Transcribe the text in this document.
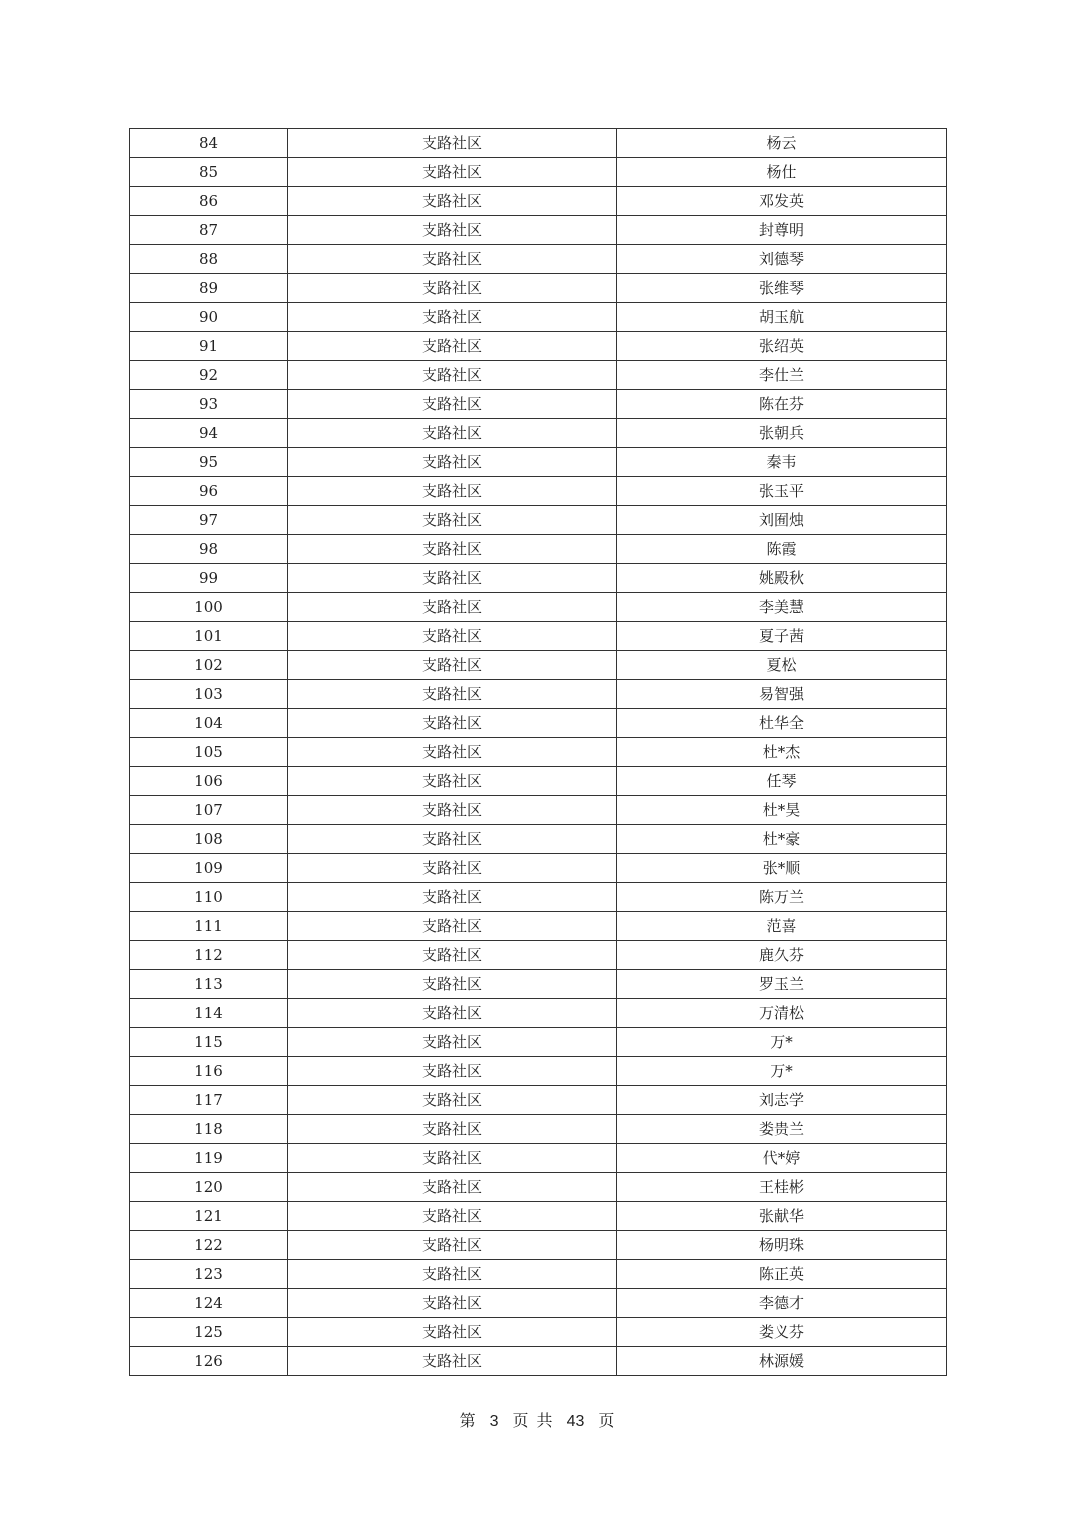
84	支路社区	杨云
85	支路社区	杨仕
86	支路社区	邓发英
87	支路社区	封尊明
88	支路社区	刘德琴
89	支路社区	张维琴
90	支路社区	胡玉航
91	支路社区	张绍英
92	支路社区	李仕兰
93	支路社区	陈在芬
94	支路社区	张朝兵
95	支路社区	秦韦
96	支路社区	张玉平
97	支路社区	刘囿烛
98	支路社区	陈霞
99	支路社区	姚殿秋
100	支路社区	李美慧
101	支路社区	夏子茜
102	支路社区	夏松
103	支路社区	易智强
104	支路社区	杜华全
105	支路社区	杜*杰
106	支路社区	任琴
107	支路社区	杜*昊
108	支路社区	杜*豪
109	支路社区	张*顺
110	支路社区	陈万兰
111	支路社区	范喜
112	支路社区	鹿久芬
113	支路社区	罗玉兰
114	支路社区	万清松
115	支路社区	万*
116	支路社区	万*
117	支路社区	刘志学
118	支路社区	娄贵兰
119	支路社区	代*婷
120	支路社区	王桂彬
121	支路社区	张献华
122	支路社区	杨明珠
123	支路社区	陈正英
124	支路社区	李德才
125	支路社区	娄义芬
126	支路社区	林源媛
第 3 页 共 43 页
